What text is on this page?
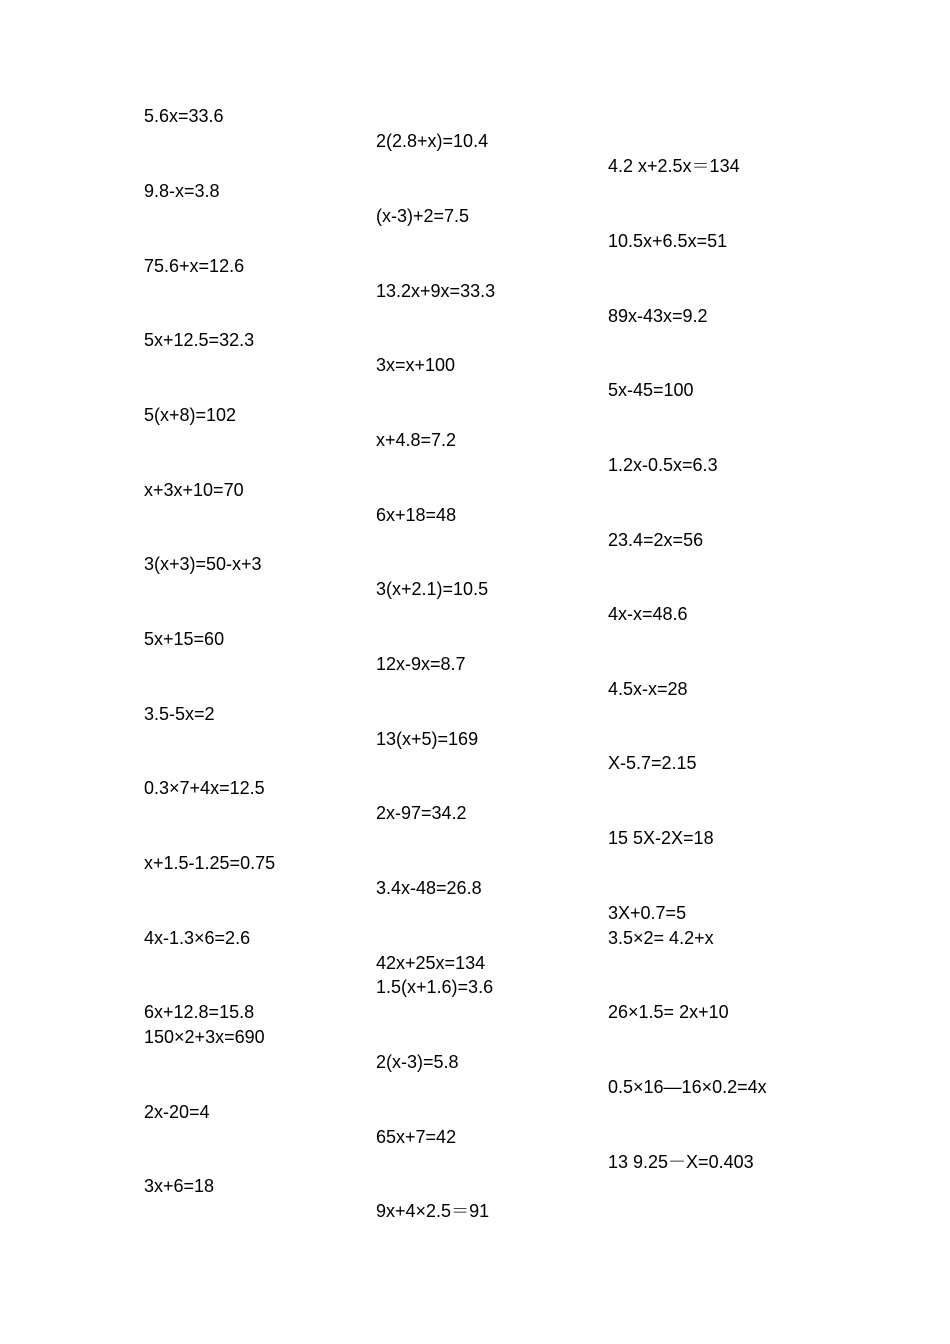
5.6x=33.6
9.8-x=3.8
75.6+x=12.6
5x+12.5=32.3
5(x+8)=102
x+3x+10=70
3(x+3)=50-x+3
5x+15=60
3.5-5x=2
0.3×7+4x=12.5
x+1.5-1.25=0.75
4x-1.3×6=2.6
6x+12.8=15.8
150×2+3x=690
2x-20=4
3x+6=18
2(2.8+x)=10.4
(x-3)+2=7.5
13.2x+9x=33.3
3x=x+100
x+4.8=7.2
6x+18=48
3(x+2.1)=10.5
12x-9x=8.7
13(x+5)=169
2x-97=34.2
3.4x-48=26.8
42x+25x=134
1.5(x+1.6)=3.6
2(x-3)=5.8
65x+7=42
9x+4×2.5＝91
4.2 x+2.5x＝134
10.5x+6.5x=51
89x-43x=9.2
5x-45=100
1.2x-0.5x=6.3
23.4=2x=56
4x-x=48.6
4.5x-x=28
X-5.7=2.15
15 5X-2X=18
3X+0.7=5
3.5×2= 4.2+x
26×1.5= 2x+10
0.5×16—16×0.2=4x
13 9.25－X=0.403
